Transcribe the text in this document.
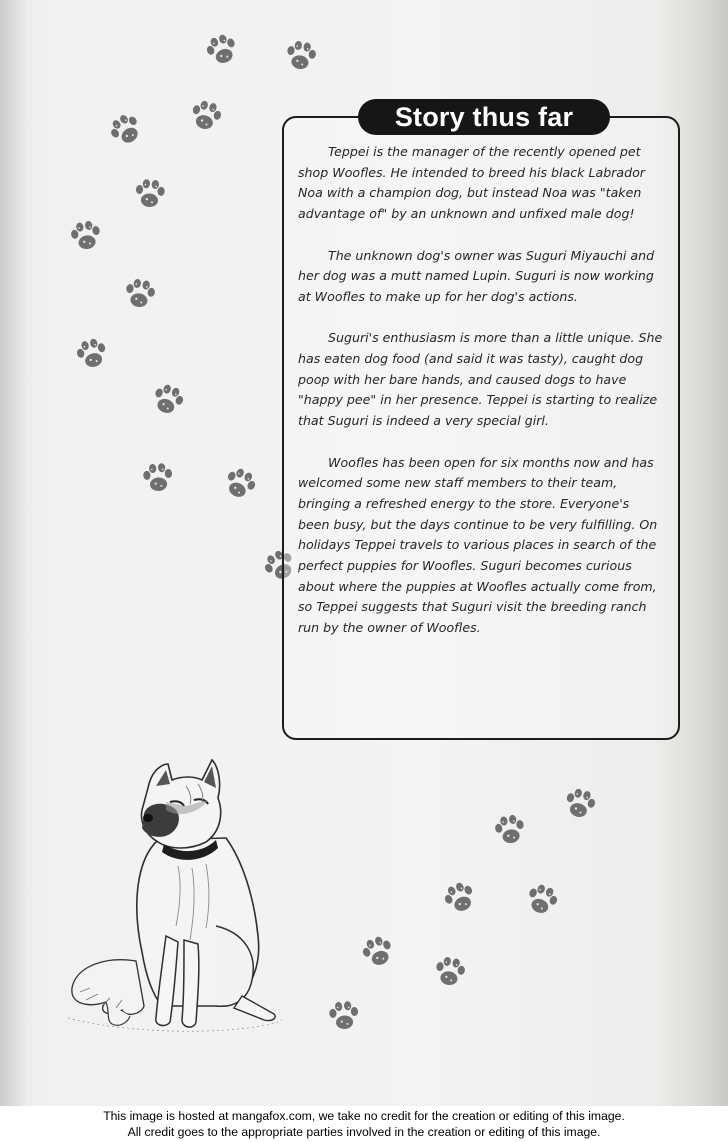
Story thus far

Teppei is the manager of the recently opened pet shop Woofles. He intended to breed his black Labrador Noa with a champion dog, but instead Noa was "taken advantage of" by an unknown and unfixed male dog!

The unknown dog's owner was Suguri Miyauchi and her dog was a mutt named Lupin. Suguri is now working at Woofles to make up for her dog's actions.

Suguri's enthusiasm is more than a little unique. She has eaten dog food (and said it was tasty), caught dog poop with her bare hands, and caused dogs to have "happy pee" in her presence. Teppei is starting to realize that Suguri is indeed a very special girl.

Woofles has been open for six months now and has welcomed some new staff members to their team, bringing a refreshed energy to the store. Everyone's been busy, but the days continue to be very fulfilling. On holidays Teppei travels to various places in search of the perfect puppies for Woofles. Suguri becomes curious about where the puppies at Woofles actually come from, so Teppei suggests that Suguri visit the breeding ranch run by the owner of Woofles.

This image is hosted at mangafox.com, we take no credit for the creation or editing of this image.
All credit goes to the appropriate parties involved in the creation or editing of this image.
